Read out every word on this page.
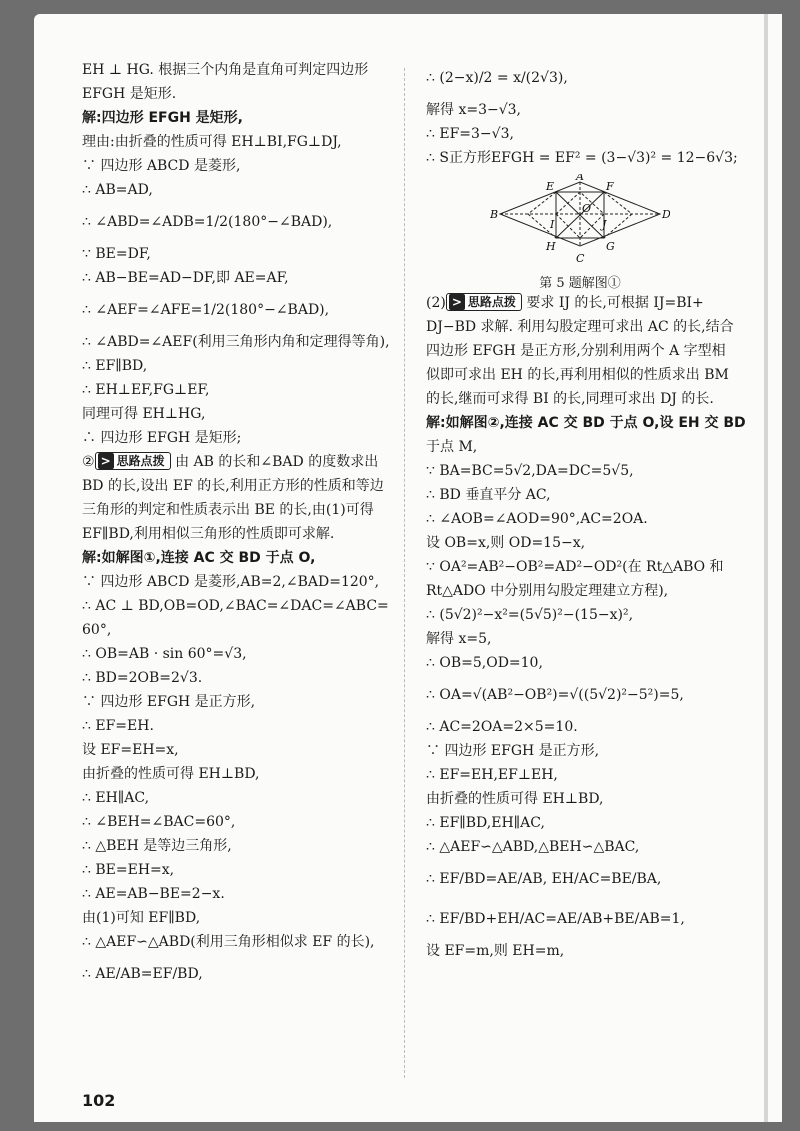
EH ⊥ HG. 根据三个内角是直角可判定四边形
EFGH 是矩形.
解:四边形 EFGH 是矩形,
理由:由折叠的性质可得 EH⊥BI,FG⊥DJ,
∵ 四边形 ABCD 是菱形,
∴ AB=AD,
∴ ∠ABD=∠ADB=1/2(180°−∠BAD),
∵ BE=DF,
∴ AB−BE=AD−DF,即 AE=AF,
∴ ∠AEF=∠AFE=1/2(180°−∠BAD),
∴ ∠ABD=∠AEF(利用三角形内角和定理得等角),
∴ EF∥BD,
∴ EH⊥EF,FG⊥EF,
同理可得 EH⊥HG,
∴ 四边形 EFGH 是矩形;
② > 思路点拨 由 AB 的长和∠BAD 的度数求出
BD 的长,设出 EF 的长,利用正方形的性质和等边
三角形的判定和性质表示出 BE 的长,由(1)可得
EF∥BD,利用相似三角形的性质即可求解.
解:如解图①,连接 AC 交 BD 于点 O,
∵ 四边形 ABCD 是菱形,AB=2,∠BAD=120°,
∴ AC ⊥ BD,OB=OD,∠BAC=∠DAC=∠ABC=
60°,
∴ OB=AB · sin 60°=√3,
∴ BD=2OB=2√3.
∵ 四边形 EFGH 是正方形,
∴ EF=EH.
设 EF=EH=x,
由折叠的性质可得 EH⊥BD,
∴ EH∥AC,
∴ ∠BEH=∠BAC=60°,
∴ △BEH 是等边三角形,
∴ BE=EH=x,
∴ AE=AB−BE=2−x.
由(1)可知 EF∥BD,
∴ △AEF∽△ABD(利用三角形相似求 EF 的长),
∴ AE/AB=EF/BD,
∴ (2−x)/2 = x/(2√3),
解得 x=3−√3,
∴ EF=3−√3,
∴ S正方形EFGH = EF² = (3−√3)² = 12−6√3;
A
B
C
D
E	F
G
H
I	J
O
第 5 题解图①
(2) > 思路点拨 要求 IJ 的长,可根据 IJ=BI+
DJ−BD 求解. 利用勾股定理可求出 AC 的长,结合
四边形 EFGH 是正方形,分别利用两个 A 字型相
似即可求出 EH 的长,再利用相似的性质求出 BM
的长,继而可求得 BI 的长,同理可求出 DJ 的长.
解:如解图②,连接 AC 交 BD 于点 O,设 EH 交 BD
于点 M,
∵ BA=BC=5√2,DA=DC=5√5,
∴ BD 垂直平分 AC,
∴ ∠AOB=∠AOD=90°,AC=2OA.
设 OB=x,则 OD=15−x,
∵ OA²=AB²−OB²=AD²−OD²(在 Rt△ABO 和
Rt△ADO 中分别用勾股定理建立方程),
∴ (5√2)²−x²=(5√5)²−(15−x)²,
解得 x=5,
∴ OB=5,OD=10,
∴ OA=√(AB²−OB²)=√((5√2)²−5²)=5,
∴ AC=2OA=2×5=10.
∵ 四边形 EFGH 是正方形,
∴ EF=EH,EF⊥EH,
由折叠的性质可得 EH⊥BD,
∴ EF∥BD,EH∥AC,
∴ △AEF∽△ABD,△BEH∽△BAC,
∴ EF/BD=AE/AB, EH/AC=BE/BA,
∴ EF/BD+EH/AC=AE/AB+BE/AB=1,
设 EF=m,则 EH=m,
102
